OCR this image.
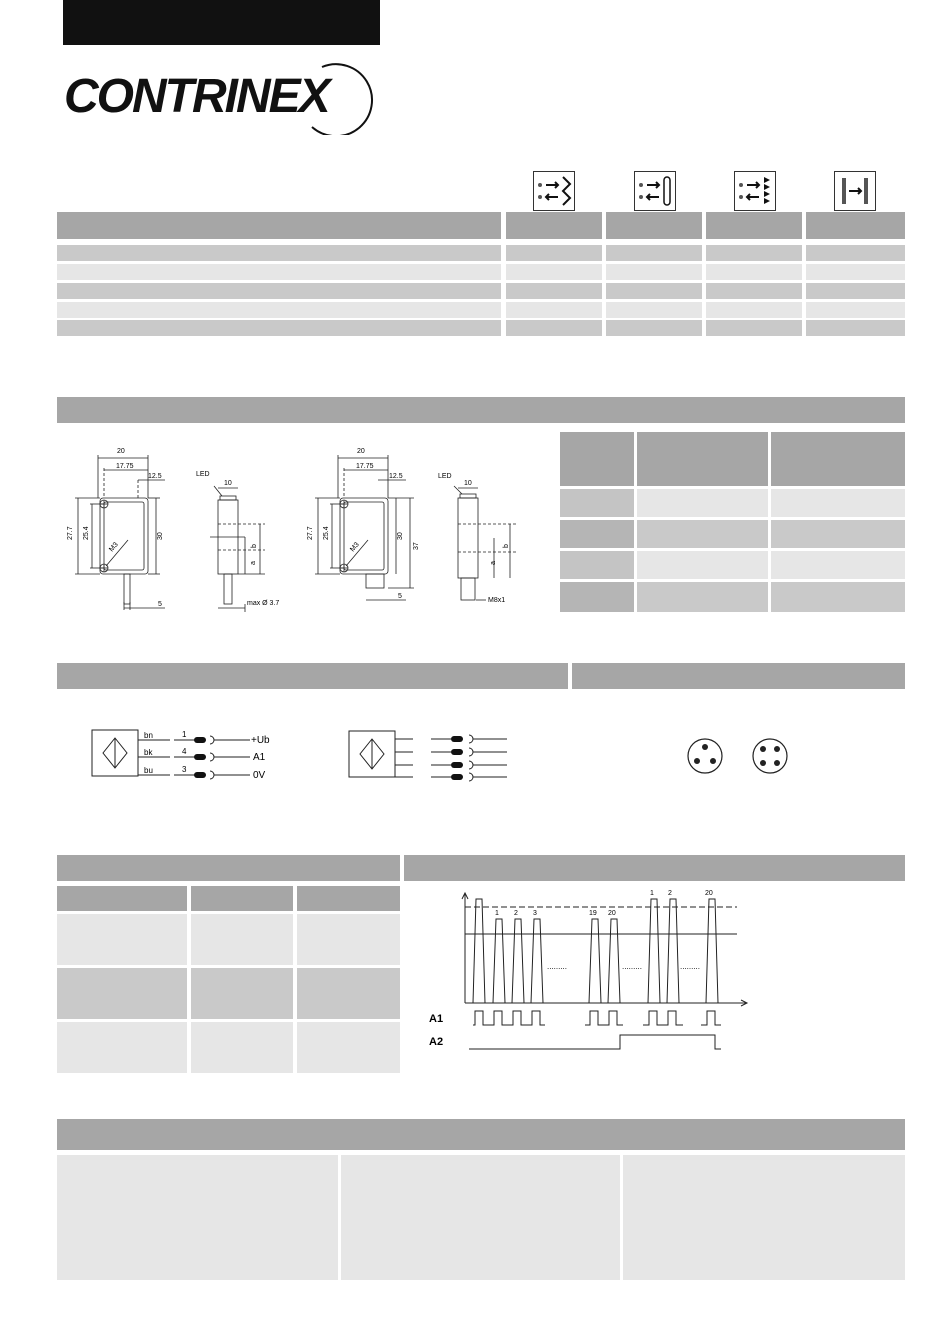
CONTRINEX
20
17.75
12.5
27.7 25.4	30
M3
5
LED
10
b
a
max Ø 3.7
20
17.75
12.5
27.7 25.4	30
37
M3
5
LED
10
b
a
M8x1
bn
bk
bu
1
4
3
+Ub
A1
0V
1 2 3	19 20
1 2	20
.........	.........	.........
A1
A2
